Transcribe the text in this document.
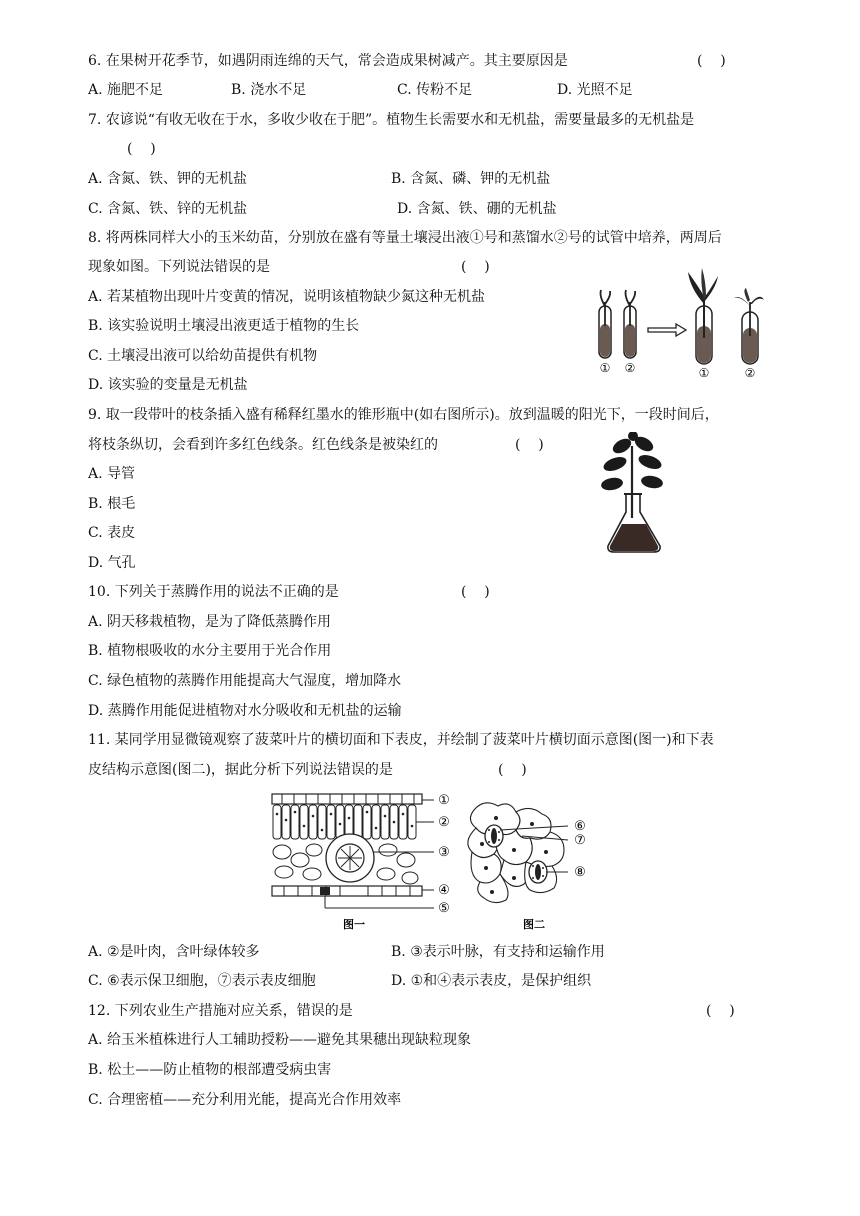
6. 在果树开花季节，如遇阴雨连绵的天气，常会造成果树减产。其主要原因是	(    )
A. 施肥不足	B. 浇水不足	C. 传粉不足	D. 光照不足
7. 农谚说“有收无收在于水，多收少收在于肥”。植物生长需要水和无机盐，需要量最多的无机盐是
(    )
A. 含氮、铁、钾的无机盐	B. 含氮、磷、钾的无机盐
C. 含氮、铁、锌的无机盐	D. 含氮、铁、硼的无机盐
8. 将两株同样大小的玉米幼苗，分别放在盛有等量土壤浸出液①号和蒸馏水②号的试管中培养，两周后
现象如图。下列说法错误的是	(    )
A. 若某植物出现叶片变黄的情况，说明该植物缺少氮这种无机盐
B. 该实验说明土壤浸出液更适于植物的生长
C. 土壤浸出液可以给幼苗提供有机物
D. 该实验的变量是无机盐
① ②	①	②
9. 取一段带叶的枝条插入盛有稀释红墨水的锥形瓶中(如右图所示)。放到温暖的阳光下，一段时间后，
将枝条纵切，会看到许多红色线条。红色线条是被染红的	(    )
A. 导管
B. 根毛
C. 表皮
D. 气孔
10. 下列关于蒸腾作用的说法不正确的是	(    )
A. 阴天移栽植物，是为了降低蒸腾作用
B. 植物根吸收的水分主要用于光合作用
C. 绿色植物的蒸腾作用能提高大气湿度，增加降水
D. 蒸腾作用能促进植物对水分吸收和无机盐的运输
11. 某同学用显微镜观察了菠菜叶片的横切面和下表皮，并绘制了菠菜叶片横切面示意图(图一)和下表
皮结构示意图(图二)，据此分析下列说法错误的是	(    )
①
②
③
④
⑤
图一
⑥
⑦
⑧
图二
A. ②是叶肉，含叶绿体较多	B. ③表示叶脉，有支持和运输作用
C. ⑥表示保卫细胞，⑦表示表皮细胞	D. ①和④表示表皮，是保护组织
12. 下列农业生产措施对应关系，错误的是	(    )
A. 给玉米植株进行人工辅助授粉——避免其果穗出现缺粒现象
B. 松土——防止植物的根部遭受病虫害
C. 合理密植——充分利用光能，提高光合作用效率
